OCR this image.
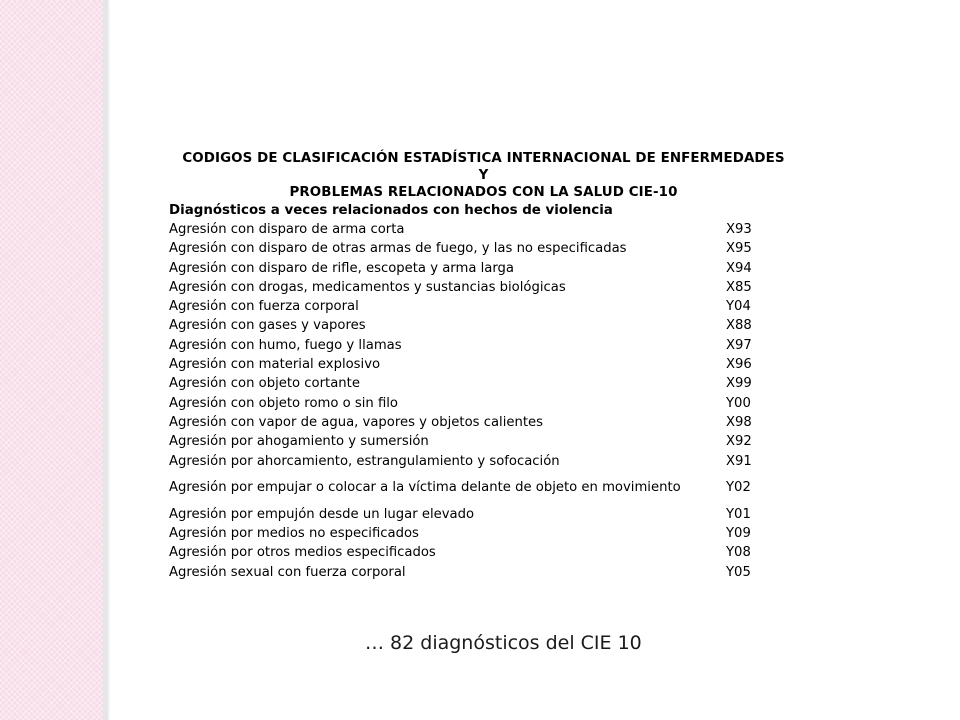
CODIGOS DE CLASIFICACIÓN ESTADÍSTICA INTERNACIONAL DE ENFERMEDADES Y
PROBLEMAS RELACIONADOS CON LA SALUD CIE-10
Diagnósticos a veces relacionados con hechos de violencia
Agresión con disparo de arma corta	X93
Agresión con disparo de otras armas de fuego, y las no especificadas	X95
Agresión con disparo de rifle, escopeta y arma larga	X94
Agresión con drogas, medicamentos y sustancias biológicas	X85
Agresión con fuerza corporal	Y04
Agresión con gases y vapores	X88
Agresión con humo, fuego y llamas	X97
Agresión con material explosivo	X96
Agresión con objeto cortante	X99
Agresión con objeto romo o sin filo	Y00
Agresión con vapor de agua, vapores y objetos calientes	X98
Agresión por ahogamiento y sumersión	X92
Agresión por ahorcamiento, estrangulamiento y sofocación	X91
Agresión por empujar o colocar a la víctima delante de objeto en movimiento	Y02
Agresión por empujón desde un lugar elevado	Y01
Agresión por medios no especificados	Y09
Agresión por otros medios especificados	Y08
Agresión sexual con fuerza corporal	Y05
… 82 diagnósticos del CIE 10
